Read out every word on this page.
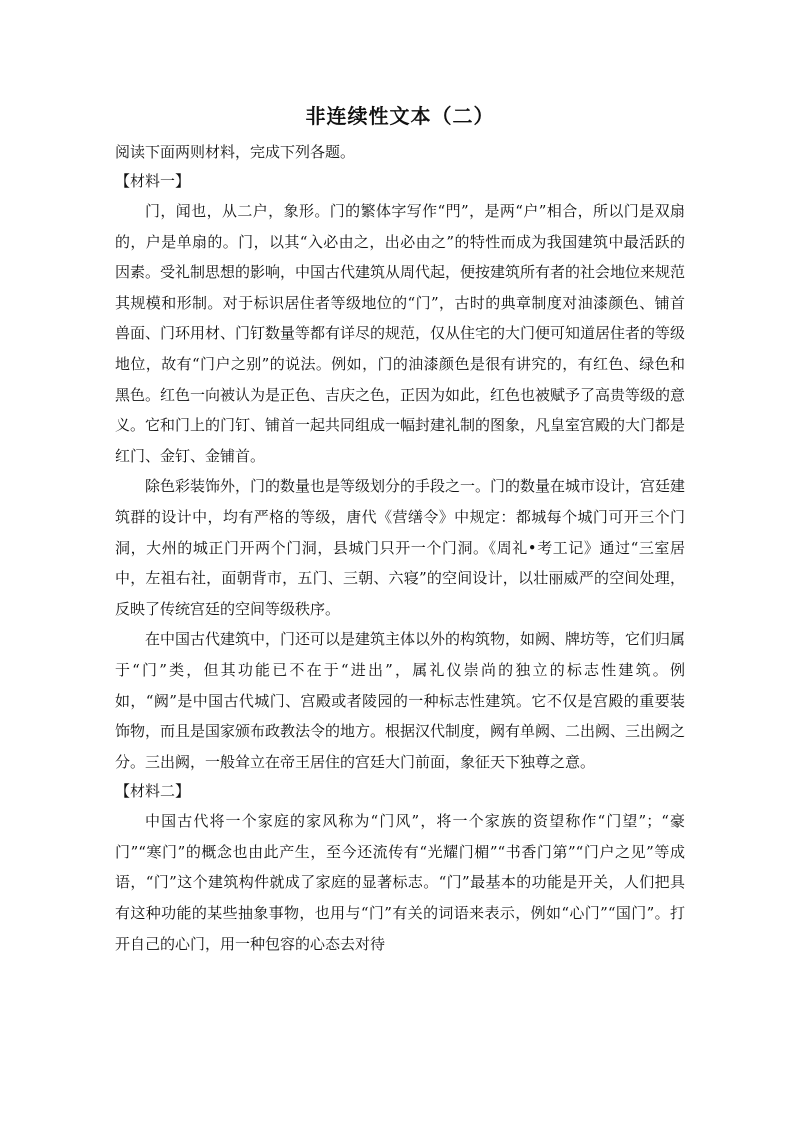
非连续性文本（二）

阅读下面两则材料，完成下列各题。

【材料一】

门，闻也，从二户，象形。门的繁体字写作“門”，是两“户”相合，所以门是双扇的，户是单扇的。门，以其“入必由之，出必由之”的特性而成为我国建筑中最活跃的因素。受礼制思想的影响，中国古代建筑从周代起，便按建筑所有者的社会地位来规范其规模和形制。对于标识居住者等级地位的“门”，古时的典章制度对油漆颜色、铺首兽面、门环用材、门钉数量等都有详尽的规范，仅从住宅的大门便可知道居住者的等级地位，故有“门户之别”的说法。例如，门的油漆颜色是很有讲究的，有红色、绿色和黑色。红色一向被认为是正色、吉庆之色，正因为如此，红色也被赋予了高贵等级的意义。它和门上的门钉、铺首一起共同组成一幅封建礼制的图象，凡皇室宫殿的大门都是红门、金钉、金铺首。

除色彩装饰外，门的数量也是等级划分的手段之一。门的数量在城市设计，宫廷建筑群的设计中，均有严格的等级，唐代《营缮令》中规定：都城每个城门可开三个门洞，大州的城正门开两个门洞，县城门只开一个门洞。《周礼•考工记》通过“三室居中，左祖右社，面朝背市，五门、三朝、六寝”的空间设计，以壮丽威严的空间处理，反映了传统宫廷的空间等级秩序。

在中国古代建筑中，门还可以是建筑主体以外的构筑物，如阙、牌坊等，它们归属于“门”类，但其功能已不在于“进出”，属礼仪崇尚的独立的标志性建筑。例如，“阙”是中国古代城门、宫殿或者陵园的一种标志性建筑。它不仅是宫殿的重要装饰物，而且是国家颁布政教法令的地方。根据汉代制度，阙有单阙、二出阙、三出阙之分。三出阙，一般耸立在帝王居住的宫廷大门前面，象征天下独尊之意。

【材料二】

中国古代将一个家庭的家风称为“门风”，将一个家族的资望称作“门望”；“豪门”“寒门”的概念也由此产生，至今还流传有“光耀门楣”“书香门第”“门户之见”等成语，“门”这个建筑构件就成了家庭的显著标志。“门”最基本的功能是开关，人们把具有这种功能的某些抽象事物，也用与“门”有关的词语来表示，例如“心门”“国门”。打开自己的心门，用一种包容的心态去对待
